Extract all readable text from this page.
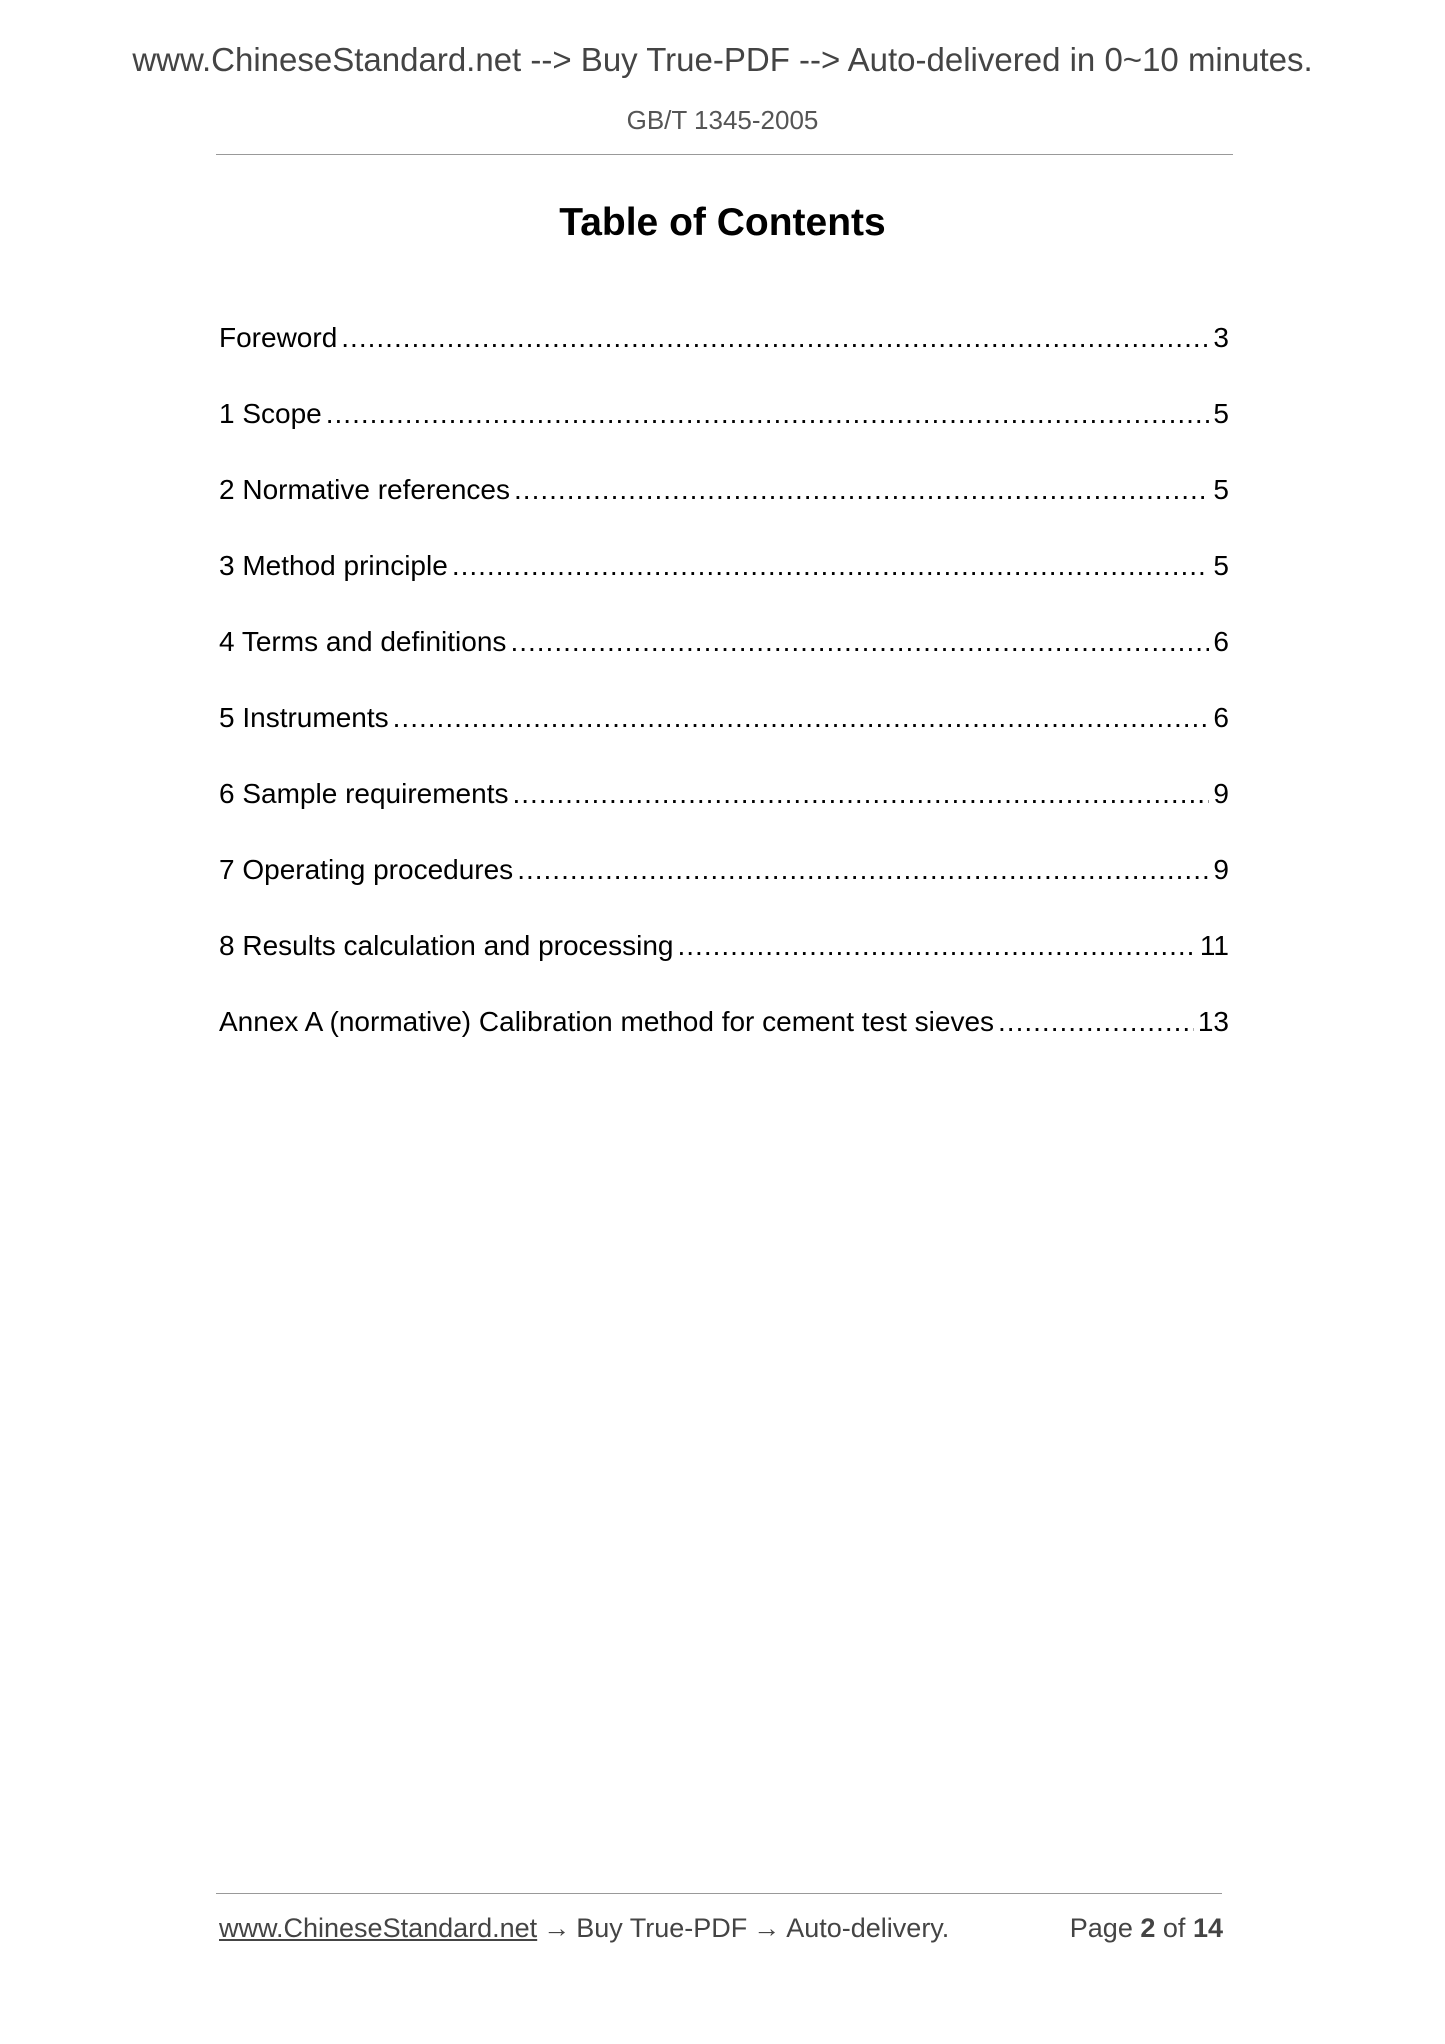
www.ChineseStandard.net --> Buy True-PDF --> Auto-delivered in 0~10 minutes.
GB/T 1345-2005
Table of Contents
Foreword .....	3
1 Scope .....	5
2 Normative references .....	5
3 Method principle .....	5
4 Terms and definitions .....	6
5 Instruments .....	6
6 Sample requirements .....	9
7 Operating procedures .....	9
8 Results calculation and processing .....	11
Annex A (normative) Calibration method for cement test sieves .....	13
www.ChineseStandard.net → Buy True-PDF → Auto-delivery.	Page 2 of 14
